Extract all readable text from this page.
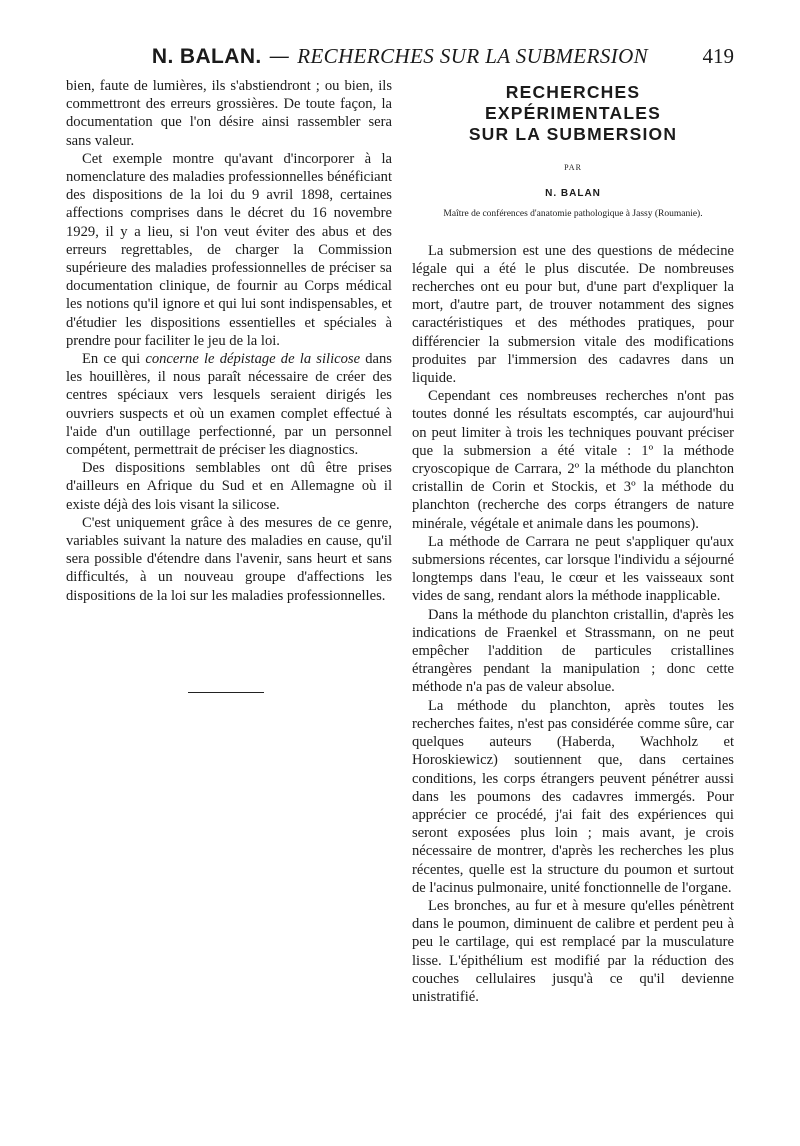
N. BALAN. — RECHERCHES SUR LA SUBMERSION	419

bien, faute de lumières, ils s'abstiendront ; ou bien, ils commettront des erreurs grossières. De toute façon, la documentation que l'on désire ainsi rassembler sera sans valeur.

Cet exemple montre qu'avant d'incorporer à la nomenclature des maladies professionnelles bénéficiant des dispositions de la loi du 9 avril 1898, certaines affections comprises dans le décret du 16 novembre 1929, il y a lieu, si l'on veut éviter des abus et des erreurs regrettables, de charger la Commission supérieure des maladies professionnelles de préciser sa documentation clinique, de fournir au Corps médical les notions qu'il ignore et qui lui sont indispensables, et d'étudier les dispositions essentielles et spéciales à prendre pour faciliter le jeu de la loi.

En ce qui concerne le dépistage de la silicose dans les houillères, il nous paraît nécessaire de créer des centres spéciaux vers lesquels seraient dirigés les ouvriers suspects et où un examen complet effectué à l'aide d'un outillage perfectionné, par un personnel compétent, permettrait de préciser les diagnostics.

Des dispositions semblables ont dû être prises d'ailleurs en Afrique du Sud et en Allemagne où il existe déjà des lois visant la silicose.

C'est uniquement grâce à des mesures de ce genre, variables suivant la nature des maladies en cause, qu'il sera possible d'étendre dans l'avenir, sans heurt et sans difficultés, à un nouveau groupe d'affections les dispositions de la loi sur les maladies professionnelles.

RECHERCHES
EXPÉRIMENTALES
SUR LA SUBMERSION
PAR
N. BALAN
Maître de conférences d'anatomie pathologique à Jassy (Roumanie).

La submersion est une des questions de médecine légale qui a été le plus discutée. De nombreuses recherches ont eu pour but, d'une part d'expliquer la mort, d'autre part, de trouver notamment des signes caractéristiques et des méthodes pratiques, pour différencier la submersion vitale des modifications produites par l'immersion des cadavres dans un liquide.

Cependant ces nombreuses recherches n'ont pas toutes donné les résultats escomptés, car aujourd'hui on peut limiter à trois les techniques pouvant préciser que la submersion a été vitale : 1º la méthode cryoscopique de Carrara, 2º la méthode du planchton cristallin de Corin et Stockis, et 3º la méthode du planchton (recherche des corps étrangers de nature minérale, végétale et animale dans les poumons).

La méthode de Carrara ne peut s'appliquer qu'aux submersions récentes, car lorsque l'individu a séjourné longtemps dans l'eau, le cœur et les vaisseaux sont vides de sang, rendant alors la méthode inapplicable.

Dans la méthode du planchton cristallin, d'après les indications de Fraenkel et Strassmann, on ne peut empêcher l'addition de particules cristallines étrangères pendant la manipulation ; donc cette méthode n'a pas de valeur absolue.

La méthode du planchton, après toutes les recherches faites, n'est pas considérée comme sûre, car quelques auteurs (Haberda, Wachholz et Horoskiewicz) soutiennent que, dans certaines conditions, les corps étrangers peuvent pénétrer aussi dans les poumons des cadavres immergés. Pour apprécier ce procédé, j'ai fait des expériences qui seront exposées plus loin ; mais avant, je crois nécessaire de montrer, d'après les recherches les plus récentes, quelle est la structure du poumon et surtout de l'acinus pulmonaire, unité fonctionnelle de l'organe.

Les bronches, au fur et à mesure qu'elles pénètrent dans le poumon, diminuent de calibre et perdent peu à peu le cartilage, qui est remplacé par la musculature lisse. L'épithélium est modifié par la réduction des couches cellulaires jusqu'à ce qu'il devienne unistratifié.
